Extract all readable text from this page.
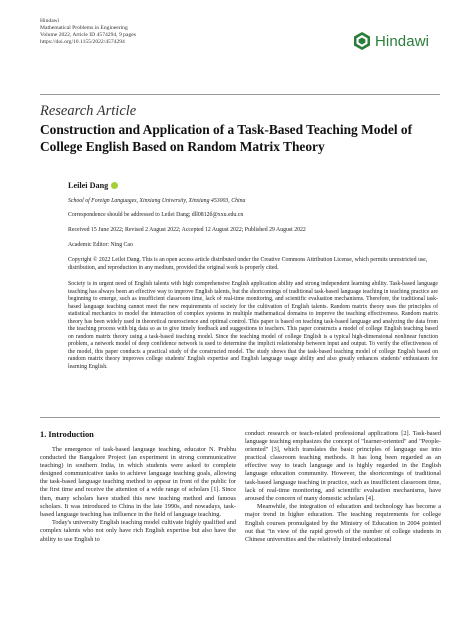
Hindawi
Mathematical Problems in Engineering
Volume 2022, Article ID 4574294, 9 pages
https://doi.org/10.1155/2022/4574294	Hindawi
Research Article
Construction and Application of a Task-Based Teaching Model of College English Based on Random Matrix Theory
Leilei Dang
School of Foreign Languages, Xinxiang University, Xinxiang 453003, China
Correspondence should be addressed to Leilei Dang; dll0812б@xxu.edu.cn
Received 15 June 2022; Revised 2 August 2022; Accepted 12 August 2022; Published 29 August 2022
Academic Editor: Ning Cao
Copyright © 2022 Leilei Dang. This is an open access article distributed under the Creative Commons Attribution License, which permits unrestricted use, distribution, and reproduction in any medium, provided the original work is properly cited.
Society is in urgent need of English talents with high comprehensive English application ability and strong independent learning ability. Task-based language teaching has always been an effective way to improve English talents, but the shortcomings of traditional task-based language teaching in teaching practice are beginning to emerge, such as insufficient classroom time, lack of real-time monitoring, and scientific evaluation mechanisms. Therefore, the traditional task-based language teaching cannot meet the new requirements of society for the cultivation of English talents. Random matrix theory uses the principles of statistical mechanics to model the interaction of complex systems in multiple mathematical domains to improve the teaching effectiveness. Random matrix theory has been widely used in theoretical neuroscience and optimal control. This paper is based on teaching task-based language and analyzing the data from the teaching process with big data so as to give timely feedback and suggestions to teachers. This paper constructs a model of college English teaching based on random matrix theory using a task-based teaching model. Since the teaching model of college English is a typical high-dimensional nonlinear function problem, a network model of deep confidence network is used to determine the implicit relationship between input and output. To verify the effectiveness of the model, this paper conducts a practical study of the constructed model. The study shows that the task-based teaching model of college English based on random matrix theory improves college students' English expertise and English language usage ability and also greatly enhances students' enthusiasm for learning English.
1. Introduction

The emergence of task-based language teaching, educator N. Prabhu conducted the Bangalore Project (an experiment in strong communicative teaching) in southern India, in which students were asked to complete designed communicative tasks to achieve language teaching goals, allowing the task-based language teaching method to appear in front of the public for the first time and receive the attention of a wide range of scholars [1]. Since then, many scholars have studied this new teaching method and famous scholars. It was introduced to China in the late 1990s, and nowadays, task-based language teaching has influence in the field of language teaching.

Today's university English teaching model cultivate highly qualified and complex talents who not only have rich English expertise but also have the ability to use English to

conduct research or teach-related professional applications [2]. Task-based language teaching emphasizes the concept of "learner-oriented" and "People-oriented" [3], which translates the basic principles of language use into practical classroom teaching methods. It has long been regarded as an effective way to teach language and is highly regarded in the English language education community. However, the shortcomings of traditional task-based language teaching in practice, such as insufficient classroom time, lack of real-time monitoring, and scientific evaluation mechanisms, have aroused the concern of many domestic scholars [4].

Meanwhile, the integration of education and technology has become a major trend in higher education. The teaching requirements for college English courses promulgated by the Ministry of Education in 2004 pointed out that "in view of the rapid growth of the number of college students in Chinese universities and the relatively limited educational
